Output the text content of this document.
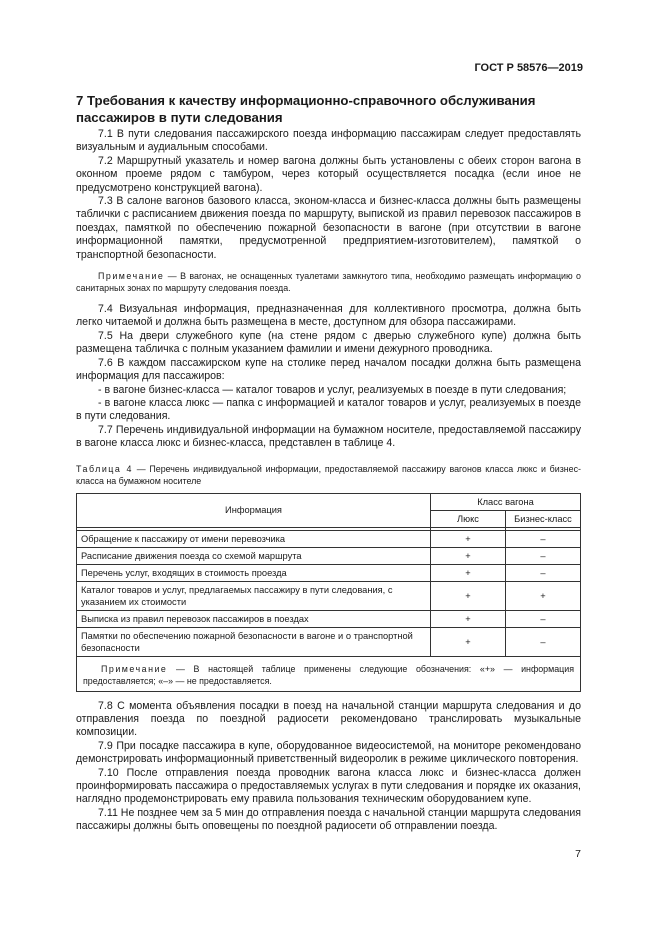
ГОСТ Р 58576—2019
7 Требования к качеству информационно-справочного обслуживания пассажиров в пути следования

7.1 В пути следования пассажирского поезда информацию пассажирам следует предоставлять визуальным и аудиальным способами.

7.2 Маршрутный указатель и номер вагона должны быть установлены с обеих сторон вагона в оконном проеме рядом с тамбуром, через который осуществляется посадка (если иное не предусмотрено конструкцией вагона).

7.3 В салоне вагонов базового класса, эконом-класса и бизнес-класса должны быть размещены таблички с расписанием движения поезда по маршруту, выпиской из правил перевозок пассажиров в поездах, памяткой по обеспечению пожарной безопасности в вагоне (при отсутствии в вагоне информационной памятки, предусмотренной предприятием-изготовителем), памяткой о транспортной безопасности.

Примечание — В вагонах, не оснащенных туалетами замкнутого типа, необходимо размещать информацию о санитарных зонах по маршруту следования поезда.

7.4 Визуальная информация, предназначенная для коллективного просмотра, должна быть легко читаемой и должна быть размещена в месте, доступном для обзора пассажирами.

7.5 На двери служебного купе (на стене рядом с дверью служебного купе) должна быть размещена табличка с полным указанием фамилии и имени дежурного проводника.

7.6 В каждом пассажирском купе на столике перед началом посадки должна быть размещена информация для пассажиров:

- в вагоне бизнес-класса — каталог товаров и услуг, реализуемых в поезде в пути следования;

- в вагоне класса люкс — папка с информацией и каталог товаров и услуг, реализуемых в поезде в пути следования.

7.7 Перечень индивидуальной информации на бумажном носителе, предоставляемой пассажиру в вагоне класса люкс и бизнес-класса, представлен в таблице 4.

Таблица 4 — Перечень индивидуальной информации, предоставляемой пассажиру вагонов класса люкс и бизнес-класса на бумажном носителе

Информация	Класс вагона	
	Люкс	Бизнес-класс

Обращение к пассажиру от имени перевозчика	+	–
Расписание движения поезда со схемой маршрута	+	–
Перечень услуг, входящих в стоимость проезда	+	–
Каталог товаров и услуг, предлагаемых пассажиру в пути следования, с указанием их стоимости	+	+
Выписка из правил перевозок пассажиров в поездах	+	–
Памятки по обеспечению пожарной безопасности в вагоне и о транспортной безопасности	+	–
Примечание — В настоящей таблице применены следующие обозначения: «+» — информация предоставляется; «–» — не предоставляется.		

7.8 С момента объявления посадки в поезд на начальной станции маршрута следования и до отправления поезда по поездной радиосети рекомендовано транслировать музыкальные композиции.

7.9 При посадке пассажира в купе, оборудованное видеосистемой, на мониторе рекомендовано демонстрировать информационный приветственный видеоролик в режиме циклического повторения.

7.10 После отправления поезда проводник вагона класса люкс и бизнес-класса должен проинформировать пассажира о предоставляемых услугах в пути следования и порядке их оказания, наглядно продемонстрировать ему правила пользования техническим оборудованием купе.

7.11 Не позднее чем за 5 мин до отправления поезда с начальной станции маршрута следования пассажиры должны быть оповещены по поездной радиосети об отправлении поезда.

7
